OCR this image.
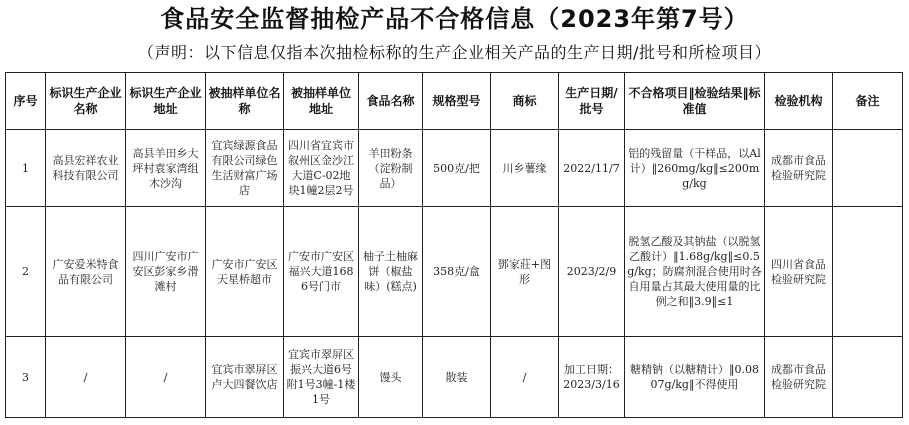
食品安全监督抽检产品不合格信息（2023年第7号）
（声明：以下信息仅指本次抽检标称的生产企业相关产品的生产日期/批号和所检项目）
序号	标识生产企业名称	标识生产企业地址	被抽样单位名称	被抽样单位地址	食品名称	规格型号	商标	生产日期/批号	不合格项目‖检验结果‖标准值	检验机构	备注
1	高县宏祥农业科技有限公司	高县羊田乡大坪村袁家湾组木沙沟	宜宾绿源食品有限公司绿色生活财富广场店	四川省宜宾市叙州区金沙江大道C-02地块1幢2层2号	羊田粉条（淀粉制品）	500克/把	川乡薯缘	2022/11/7	铝的残留量（干样品，以Al计）‖260mg/kg‖≤200mg/kg	成都市食品检验研究院	
2	广安爱米特食品有限公司	四川广安市广安区彭家乡滑滩村	广安市广安区天星桥超市	广安市广安区福兴大道1686号门市	柚子土柚麻饼（椒盐味）(糕点)	358克/盒	鄧家莊+图形	2023/2/9	脱氢乙酸及其钠盐（以脱氢乙酸计）‖1.68g/kg‖≤0.5g/kg；防腐剂混合使用时各自用量占其最大使用量的比例之和‖3.9‖≤1	四川省食品检验研究院	
3	/	/	宜宾市翠屏区卢大四餐饮店	宜宾市翠屏区振兴大道6号附1号3幢-1楼1号	馒头	散装	/	加工日期：2023/3/16	糖精钠（以糖精计）‖0.0807g/kg‖不得使用	成都市食品检验研究院	
